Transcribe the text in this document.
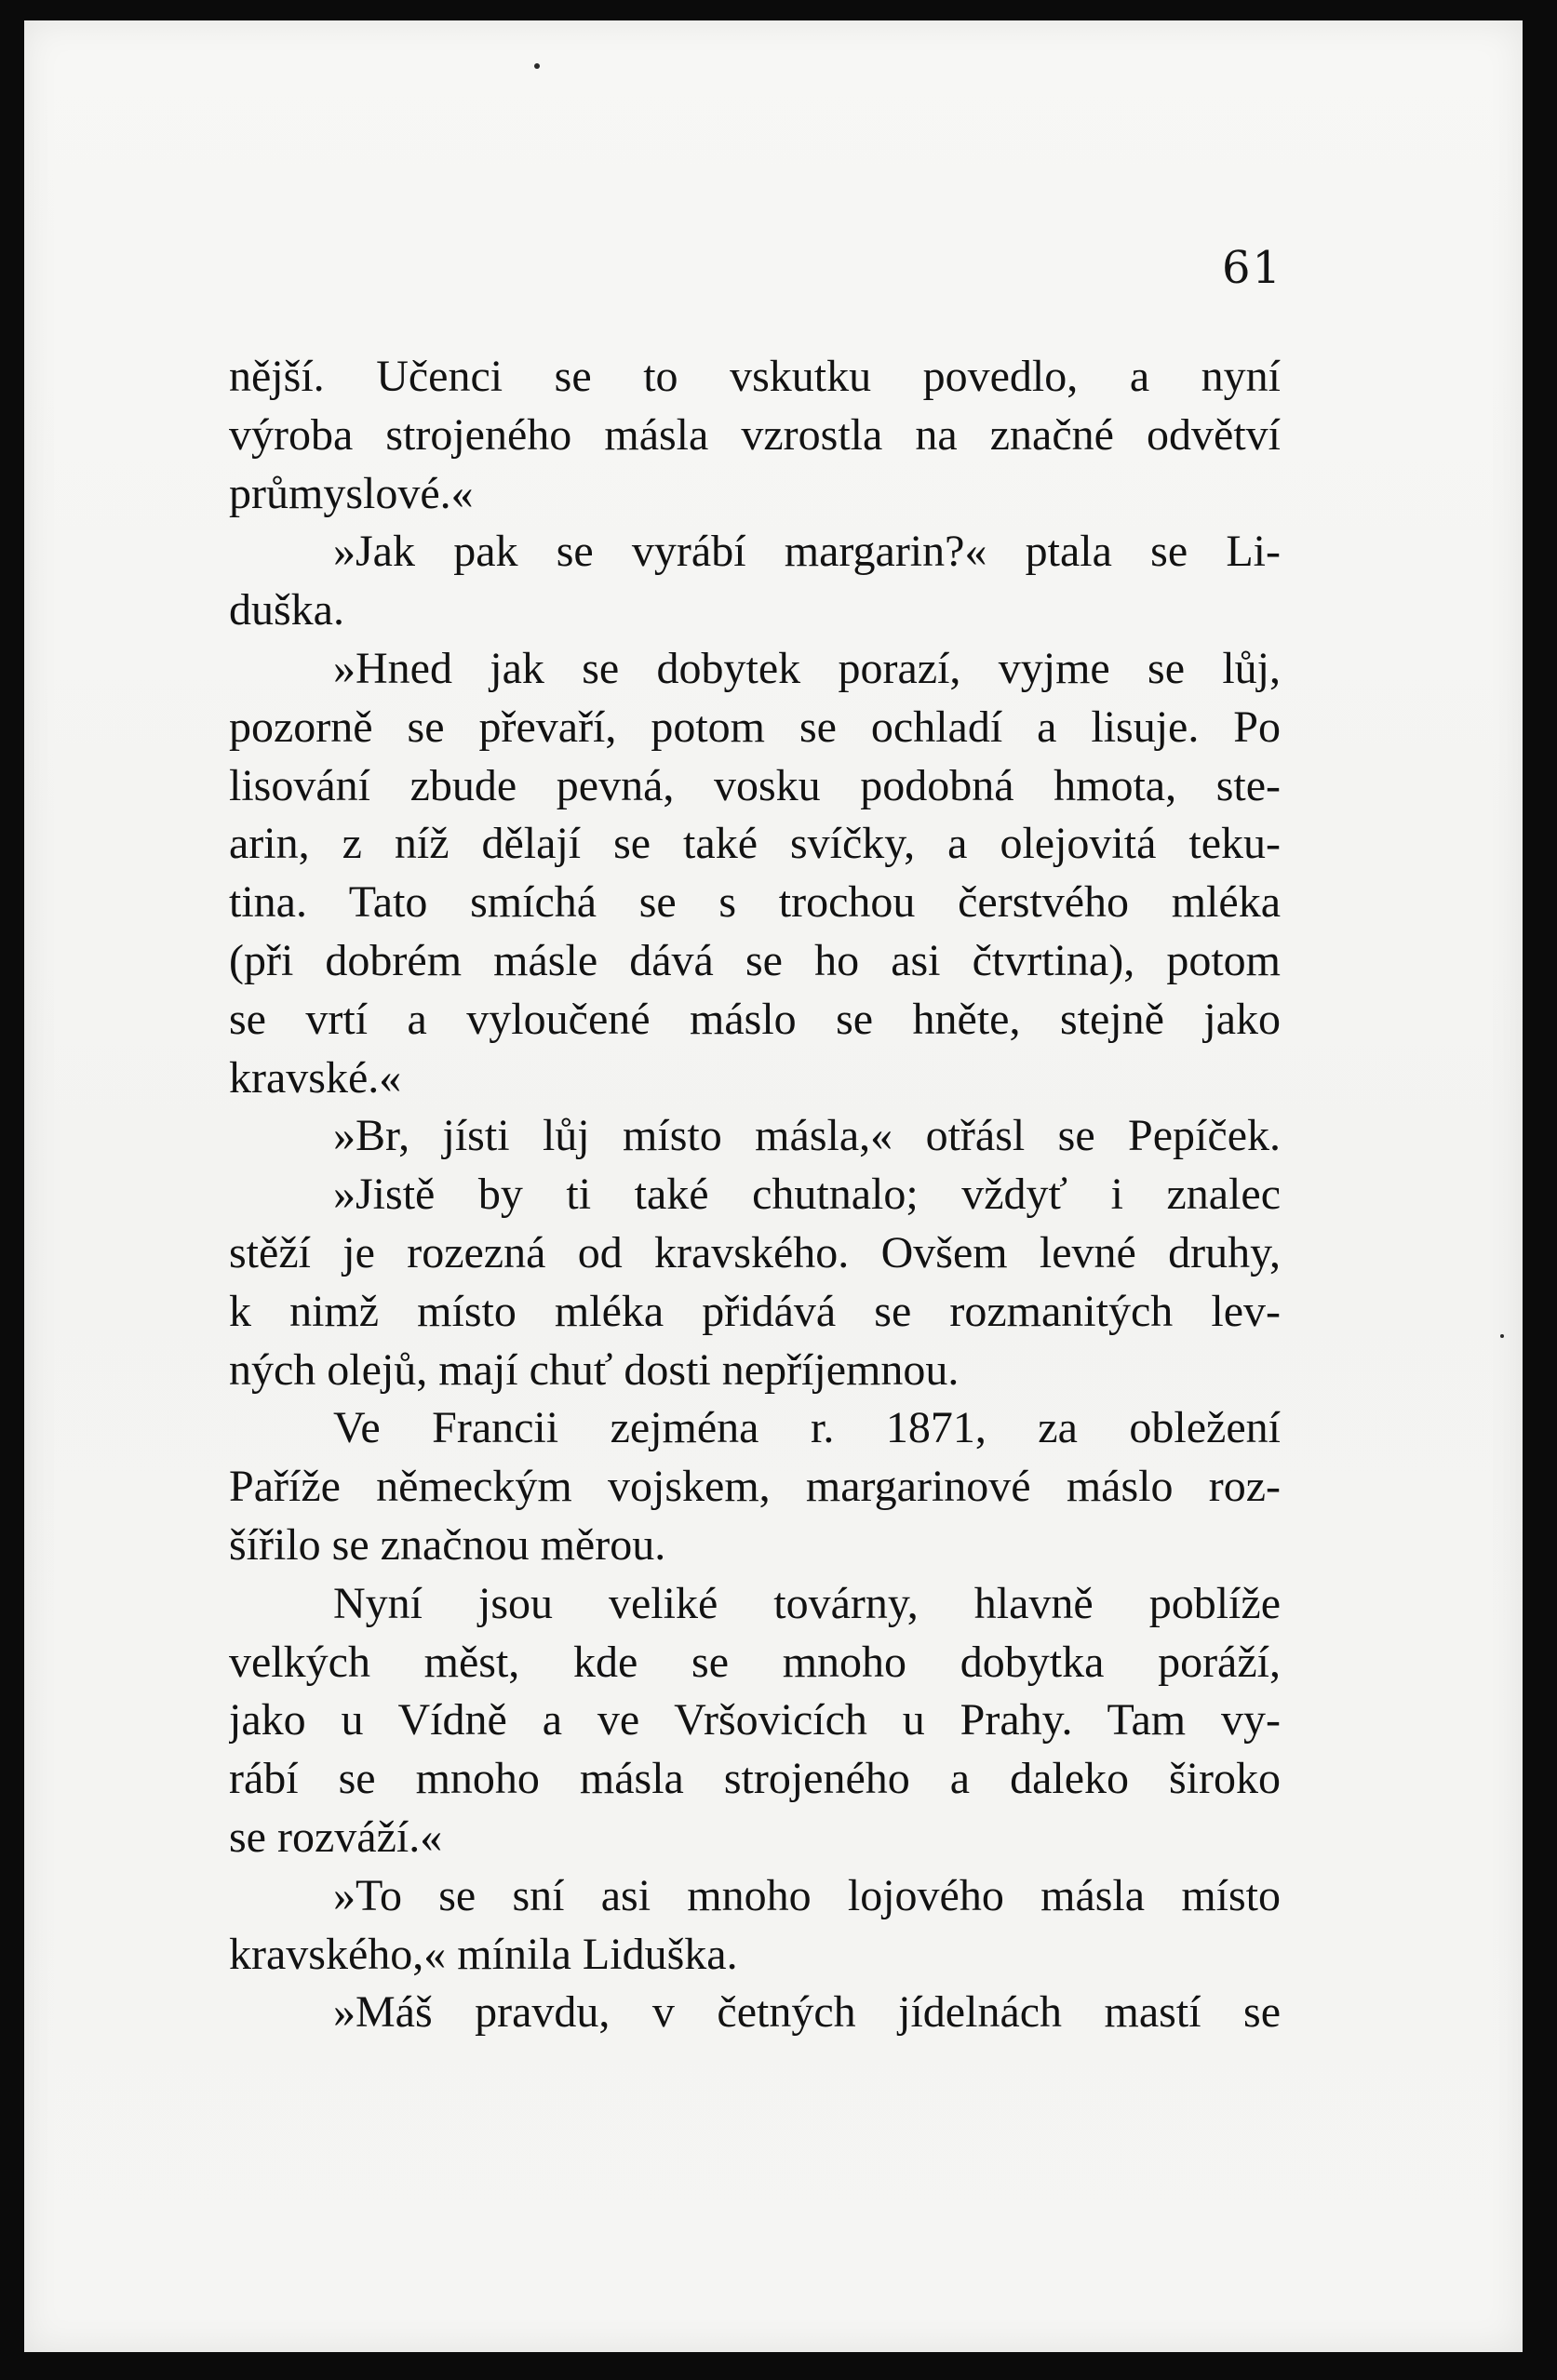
61
nější. Učenci se to vskutku povedlo, a nyní
výroba strojeného másla vzrostla na značné odvětví
průmyslové.«
»Jak pak se vyrábí margarin?« ptala se Li-
duška.
»Hned jak se dobytek porazí, vyjme se lůj,
pozorně se převaří, potom se ochladí a lisuje. Po
lisování zbude pevná, vosku podobná hmota, ste-
arin, z níž dělají se také svíčky, a olejovitá teku-
tina. Tato smíchá se s trochou čerstvého mléka
(při dobrém másle dává se ho asi čtvrtina), potom
se vrtí a vyloučené máslo se hněte, stejně jako
kravské.«
»Br, jísti lůj místo másla,« otřásl se Pepíček.
»Jistě by ti také chutnalo; vždyť i znalec
stěží je rozezná od kravského. Ovšem levné druhy,
k nimž místo mléka přidává se rozmanitých lev-
ných olejů, mají chuť dosti nepříjemnou.
Ve Francii zejména r. 1871, za obležení
Paříže německým vojskem, margarinové máslo roz-
šířilo se značnou měrou.
Nyní jsou veliké továrny, hlavně poblíže
velkých měst, kde se mnoho dobytka poráží,
jako u Vídně a ve Vršovicích u Prahy. Tam vy-
rábí se mnoho másla strojeného a daleko široko
se rozváží.«
»To se sní asi mnoho lojového másla místo
kravského,« mínila Liduška.
»Máš pravdu, v četných jídelnách mastí se
